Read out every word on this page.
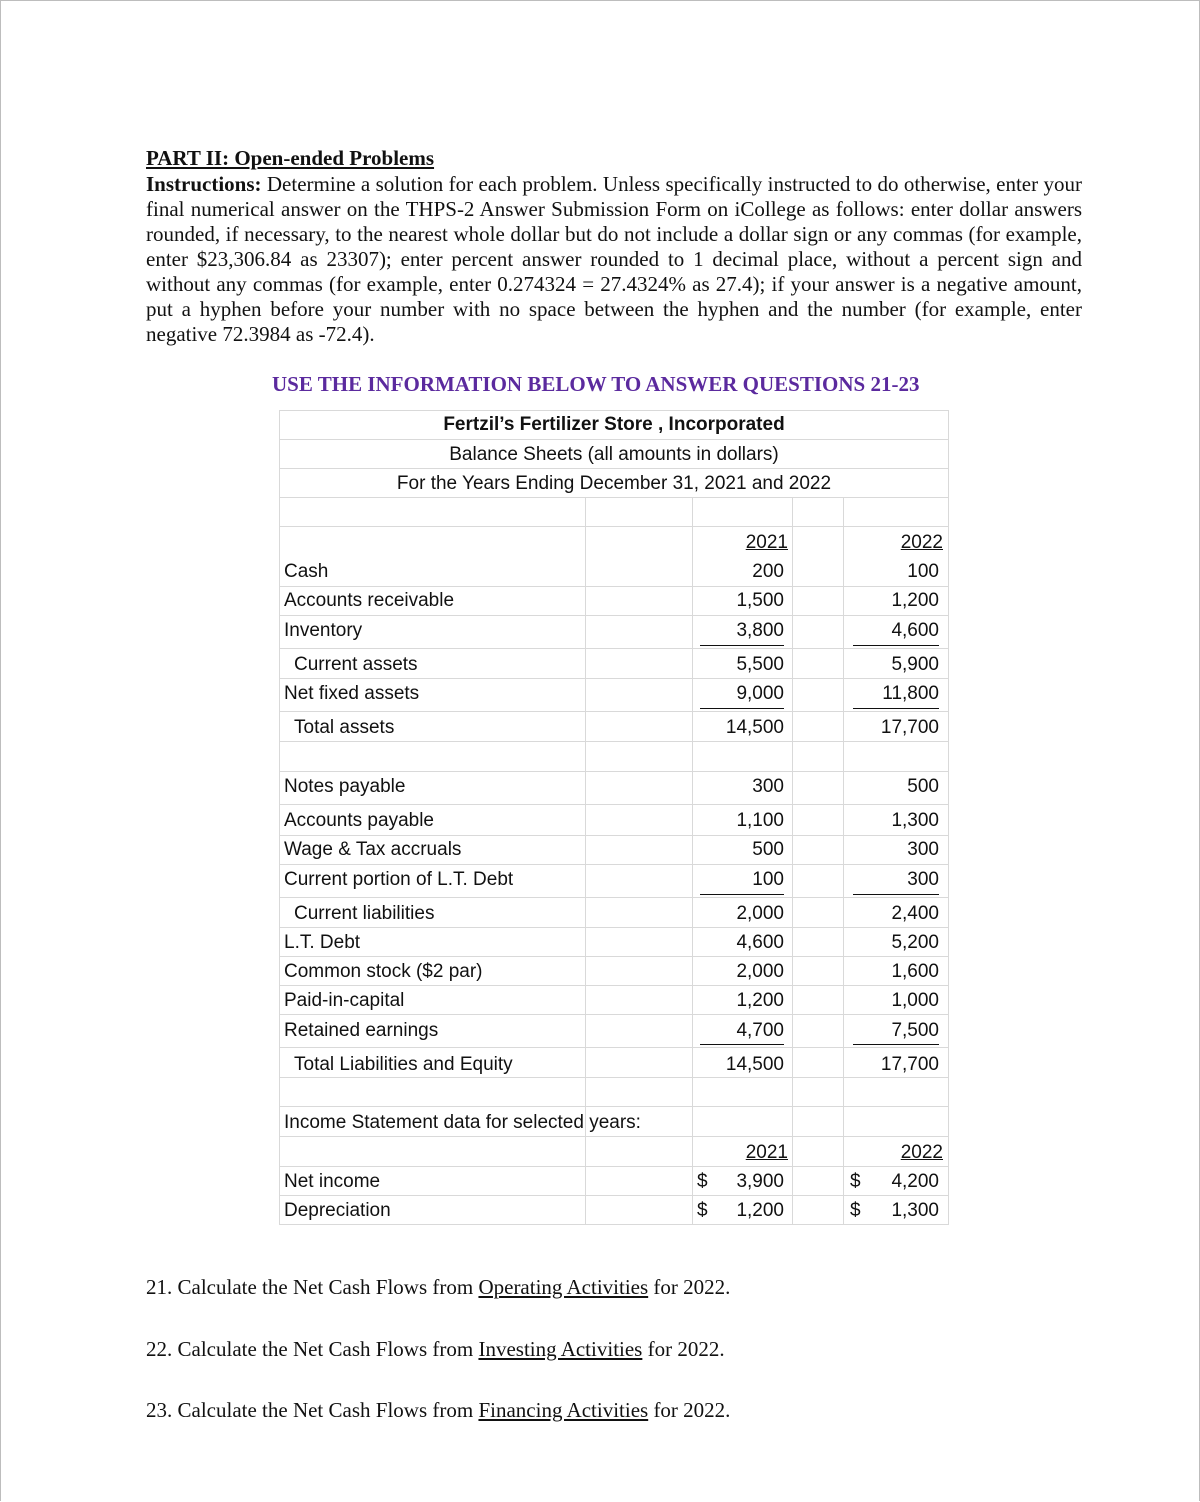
PART II: Open-ended Problems
Instructions: Determine a solution for each problem. Unless specifically instructed to do otherwise, enter your final numerical answer on the THPS-2 Answer Submission Form on iCollege as follows: enter dollar answers rounded, if necessary, to the nearest whole dollar but do not include a dollar sign or any commas (for example, enter $23,306.84 as 23307); enter percent answer rounded to 1 decimal place, without a percent sign and without any commas (for example, enter 0.274324 = 27.4324% as 27.4); if your answer is a negative amount, put a hyphen before your number with no space between the hyphen and the number (for example, enter negative 72.3984 as -72.4).
USE THE INFORMATION BELOW TO ANSWER QUESTIONS 21-23
Fertzil’s Fertilizer Store , Incorporated
Balance Sheets (all amounts in dollars)
For the Years Ending December 31, 2021 and 2022
2021	2022
Cash	200	100
Accounts receivable	1,500	1,200
Inventory	3,800	4,600
Current assets	5,500	5,900
Net fixed assets	9,000	11,800
Total assets	14,500	17,700
Notes payable	300	500
Accounts payable	1,100	1,300
Wage & Tax accruals	500	300
Current portion of L.T. Debt	100	300
Current liabilities	2,000	2,400
L.T. Debt	4,600	5,200
Common stock ($2 par)	2,000	1,600
Paid-in-capital	1,200	1,000
Retained earnings	4,700	7,500
Total Liabilities and Equity	14,500	17,700
Income Statement data for selected years:
2021	2022
Net income	$	3,900	$	4,200
Depreciation	$	1,200	$	1,300
21. Calculate the Net Cash Flows from Operating Activities for 2022.
22. Calculate the Net Cash Flows from Investing Activities for 2022.
23. Calculate the Net Cash Flows from Financing Activities for 2022.
